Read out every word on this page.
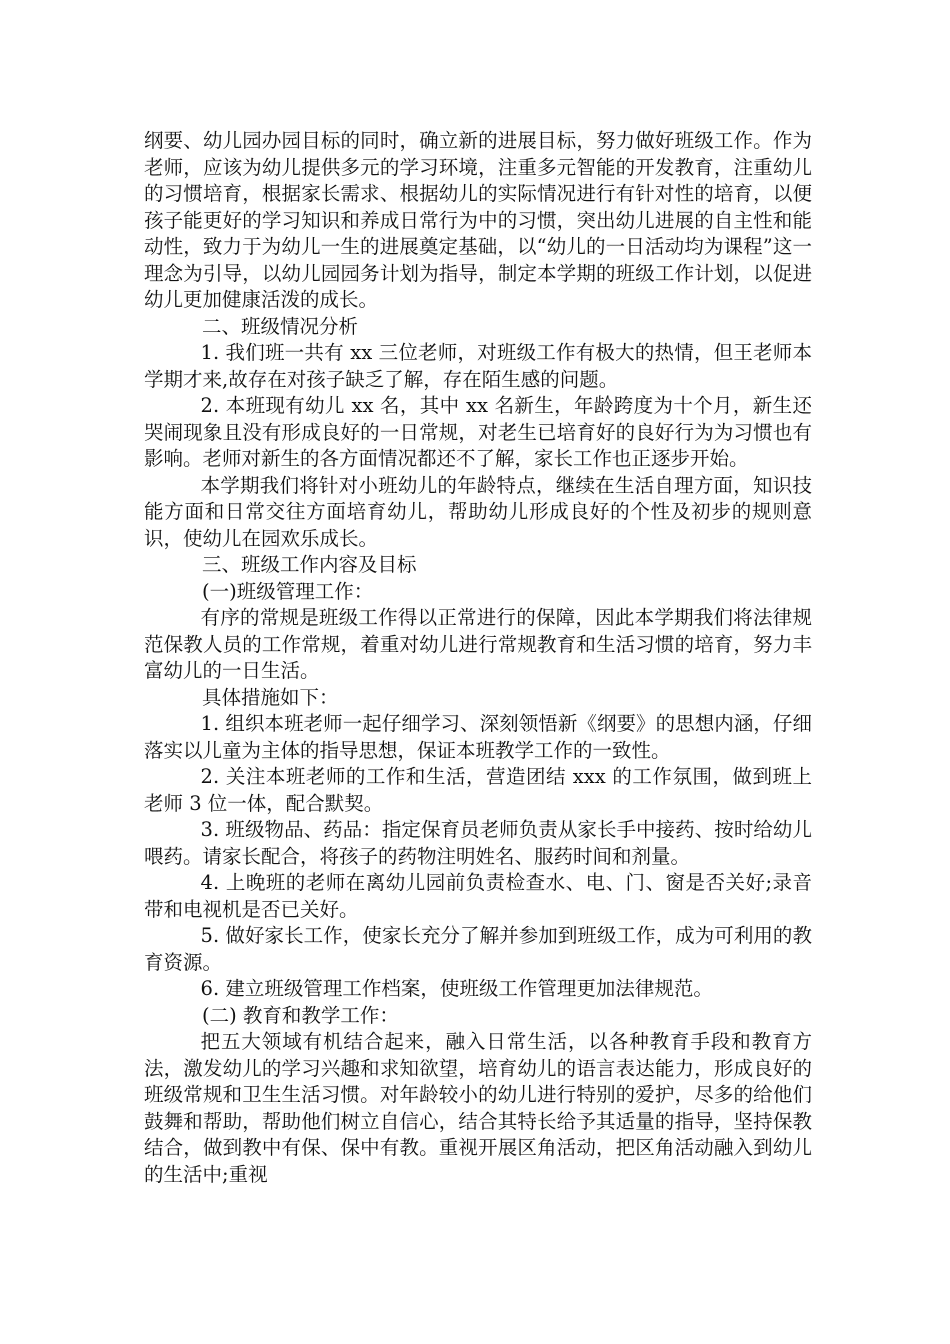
纲要、幼儿园办园目标的同时，确立新的进展目标，努力做好班级工作。作为老师，应该为幼儿提供多元的学习环境，注重多元智能的开发教育，注重幼儿的习惯培育，根据家长需求、根据幼儿的实际情况进行有针对性的培育，以便孩子能更好的学习知识和养成日常行为中的习惯，突出幼儿进展的自主性和能动性，致力于为幼儿一生的进展奠定基础，以“幼儿的一日活动均为课程”这一理念为引导，以幼儿园园务计划为指导，制定本学期的班级工作计划，以促进幼儿更加健康活泼的成长。

二、班级情况分析

1. 我们班一共有 xx 三位老师，对班级工作有极大的热情，但王老师本学期才来,故存在对孩子缺乏了解，存在陌生感的问题。

2. 本班现有幼儿 xx 名，其中 xx 名新生，年龄跨度为十个月，新生还哭闹现象且没有形成良好的一日常规，对老生已培育好的良好行为为习惯也有影响。老师对新生的各方面情况都还不了解，家长工作也正逐步开始。

本学期我们将针对小班幼儿的年龄特点，继续在生活自理方面，知识技能方面和日常交往方面培育幼儿，帮助幼儿形成良好的个性及初步的规则意识，使幼儿在园欢乐成长。

三、班级工作内容及目标

(一)班级管理工作：

有序的常规是班级工作得以正常进行的保障，因此本学期我们将法律规范保教人员的工作常规，着重对幼儿进行常规教育和生活习惯的培育，努力丰富幼儿的一日生活。

具体措施如下：

1. 组织本班老师一起仔细学习、深刻领悟新《纲要》的思想内涵，仔细落实以儿童为主体的指导思想，保证本班教学工作的一致性。

2. 关注本班老师的工作和生活，营造团结 xxx 的工作氛围，做到班上老师 3 位一体，配合默契。

3. 班级物品、药品：指定保育员老师负责从家长手中接药、按时给幼儿喂药。请家长配合，将孩子的药物注明姓名、服药时间和剂量。

4. 上晚班的老师在离幼儿园前负责检查水、电、门、窗是否关好;录音带和电视机是否已关好。

5. 做好家长工作，使家长充分了解并参加到班级工作，成为可利用的教育资源。

6. 建立班级管理工作档案，使班级工作管理更加法律规范。

(二) 教育和教学工作：

把五大领域有机结合起来，融入日常生活，以各种教育手段和教育方法，激发幼儿的学习兴趣和求知欲望，培育幼儿的语言表达能力，形成良好的班级常规和卫生生活习惯。对年龄较小的幼儿进行特别的爱护，尽多的给他们鼓舞和帮助，帮助他们树立自信心，结合其特长给予其适量的指导，坚持保教结合，做到教中有保、保中有教。重视开展区角活动，把区角活动融入到幼儿的生活中;重视
